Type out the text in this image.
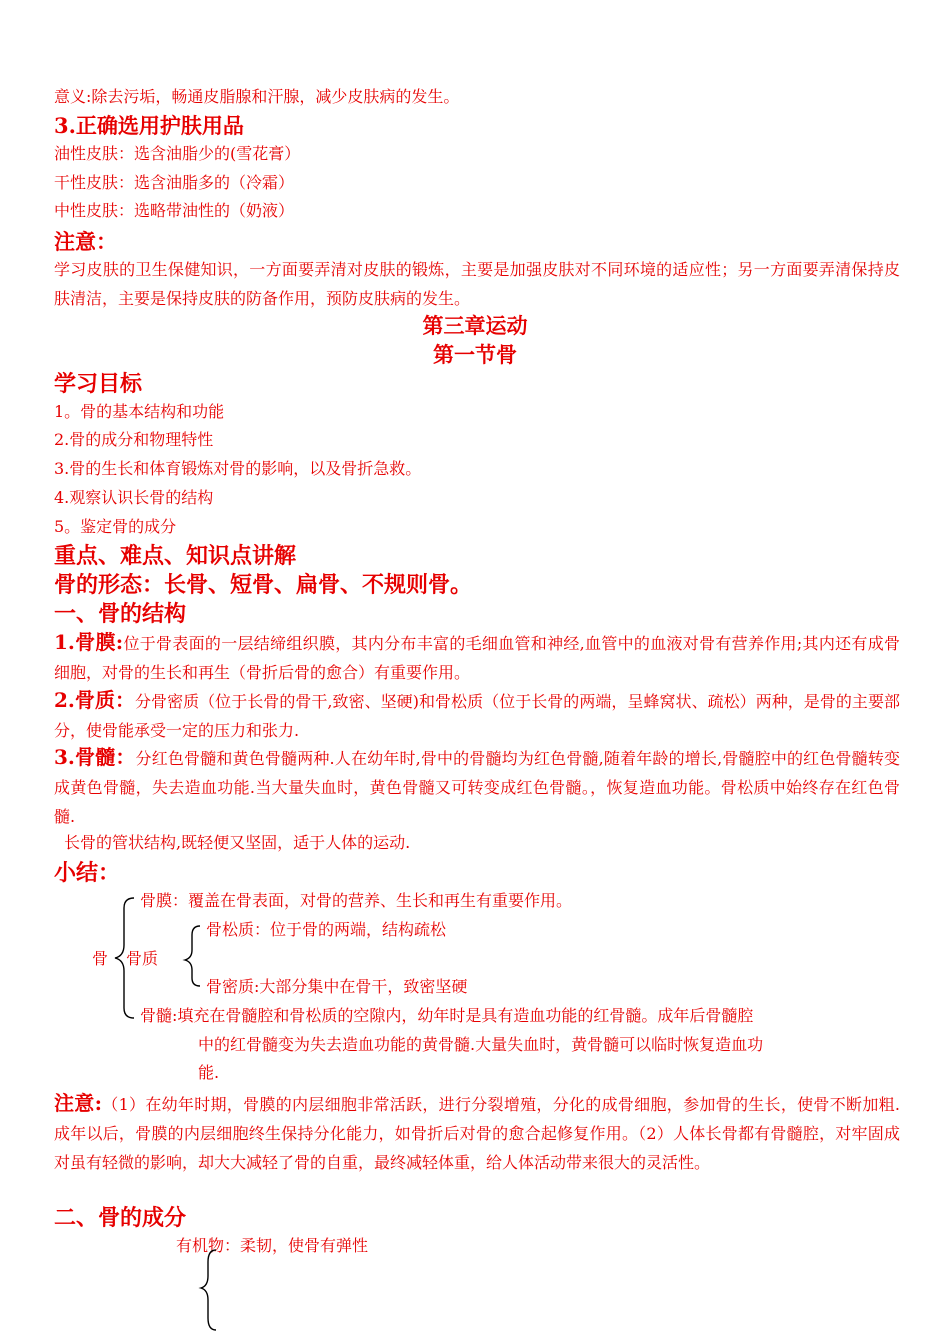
意义:除去污垢，畅通皮脂腺和汗腺，减少皮肤病的发生。
3.正确选用护肤用品
油性皮肤：选含油脂少的(雪花膏）
干性皮肤：选含油脂多的（冷霜）
中性皮肤：选略带油性的（奶液）
注意：
学习皮肤的卫生保健知识，一方面要弄清对皮肤的锻炼，主要是加强皮肤对不同环境的适应性；另一方面要弄清保持皮肤清洁，主要是保持皮肤的防备作用，预防皮肤病的发生。
第三章运动
第一节骨
学习目标
1。骨的基本结构和功能
2.骨的成分和物理特性
3.骨的生长和体育锻炼对骨的影响，以及骨折急救。
4.观察认识长骨的结构
5。鉴定骨的成分
重点、难点、知识点讲解
骨的形态：长骨、短骨、扁骨、不规则骨。
一、骨的结构
1.骨膜:位于骨表面的一层结缔组织膜，其内分布丰富的毛细血管和神经,血管中的血液对骨有营养作用;其内还有成骨细胞，对骨的生长和再生（骨折后骨的愈合）有重要作用。
2.骨质：分骨密质（位于长骨的骨干,致密、坚硬)和骨松质（位于长骨的两端，呈蜂窝状、疏松）两种，是骨的主要部分，使骨能承受一定的压力和张力.
3.骨髓：分红色骨髓和黄色骨髓两种.人在幼年时,骨中的骨髓均为红色骨髓,随着年龄的增长,骨髓腔中的红色骨髓转变成黄色骨髓，失去造血功能.当大量失血时，黄色骨髓又可转变成红色骨髓。，恢复造血功能。骨松质中始终存在红色骨髓.
长骨的管状结构,既轻便又坚固，适于人体的运动.
小结：
骨
骨膜：覆盖在骨表面，对骨的营养、生长和再生有重要作用。
骨质
骨松质：位于骨的两端，结构疏松
骨密质:大部分集中在骨干，致密坚硬
骨髓:填充在骨髓腔和骨松质的空隙内，幼年时是具有造血功能的红骨髓。成年后骨髓腔
中的红骨髓变为失去造血功能的黄骨髓.大量失血时，黄骨髓可以临时恢复造血功
能.
注意:（1）在幼年时期，骨膜的内层细胞非常活跃，进行分裂增殖，分化的成骨细胞，参加骨的生长，使骨不断加粗.成年以后，骨膜的内层细胞终生保持分化能力，如骨折后对骨的愈合起修复作用。（2）人体长骨都有骨髓腔，对牢固成对虽有轻微的影响，却大大减轻了骨的自重，最终减轻体重，给人体活动带来很大的灵活性。
二、骨的成分
有机物：柔韧，使骨有弹性
